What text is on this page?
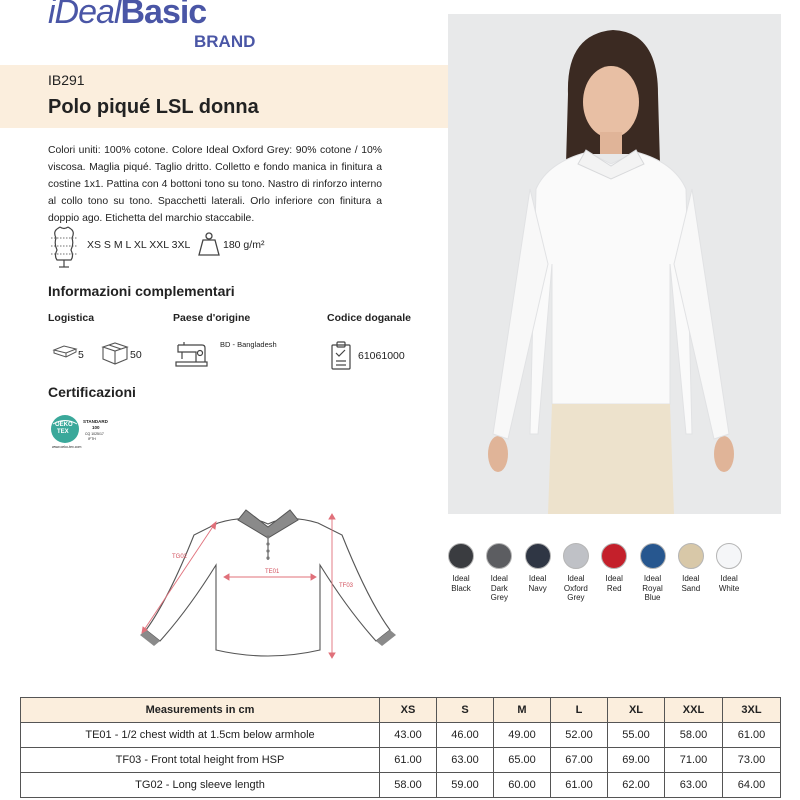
iDealBasic
BRAND
IB291
Polo piqué LSL donna
Colori uniti: 100% cotone. Colore Ideal Oxford Grey: 90% cotone / 10% viscosa. Maglia piqué. Taglio dritto. Colletto e fondo manica in finitura a costine 1x1. Pattina con 4 bottoni tono su tono. Nastro di rinforzo interno al collo tono su tono. Spacchetti laterali. Orlo inferiore con finitura a doppio ago. Etichetta del marchio staccabile.
XS S M L XL XXL 3XL	180 g/m²
Informazioni complementari
Logistica	Paese d'origine	Codice doganale
5	50
BD - Bangladesh
61061000
Certificazioni
OEKO
TEX
STANDARD
100
CQ 1025/17
IFTH
www.oeko-tex.com
Ideal
Black
Ideal
Dark
Grey
Ideal
Navy
Ideal
Oxford
Grey
Ideal
Red
Ideal
Royal
Blue
Ideal
Sand
Ideal
White
TE01
TF03
TG02
Measurements in cm	XS	S	M	L	XL	XXL	3XL
TE01 - 1/2 chest width at 1.5cm below armhole	43.00	46.00	49.00	52.00	55.00	58.00	61.00
TF03 - Front total height from HSP	61.00	63.00	65.00	67.00	69.00	71.00	73.00
TG02 - Long sleeve length	58.00	59.00	60.00	61.00	62.00	63.00	64.00
